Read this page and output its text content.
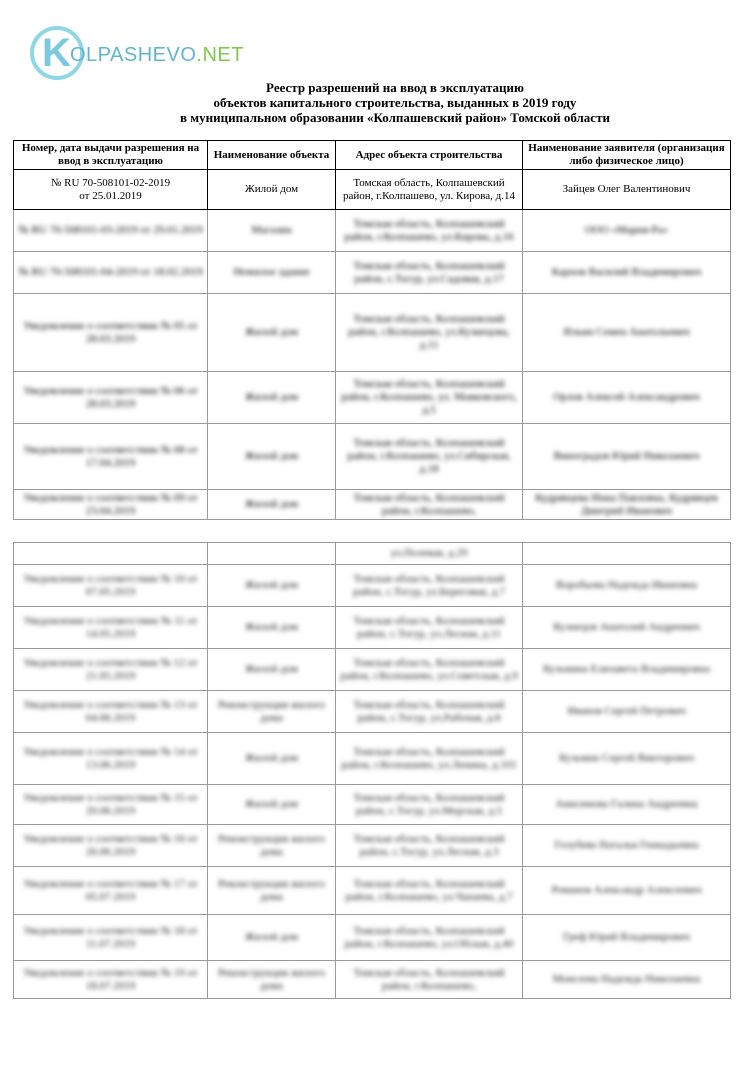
K OLPASHEVO.NET
Реестр разрешений на ввод в эксплуатацию
объектов капитального строительства, выданных в 2019 году
в муниципальном образовании «Колпашевский район» Томской области
Номер, дата выдачи разрешения на ввод в эксплуатацию	Наименование объекта	Адрес объекта строительства	Наименование заявителя (организация либо физическое лицо)

№ RU 70-508101-02-2019
от 25.01.2019	Жилой дом	Томская область, Колпашевский район, г.Колпашево, ул. Кирова, д.14	Зайцев Олег Валентинович
№ RU 70-508101-03-2019 от 29.01.2019	Магазин	Томская область, Колпашевский район, г.Колпашево, ул.Кирова, д.16	ООО «Мария-Ра»
№ RU 70-508101-04-2019 от 18.02.2019	Нежилое здание	Томская область, Колпашевский район, с.Тогур, ул.Садовая, д.17	Карпов Василий Владимирович
Уведомление о соответствии № 05 от 28.03.2019	Жилой дом	Томская область, Колпашевский район, г.Колпашево, ул.Кузнецова, д.11	Ильин Семен Анатольевич
Уведомление о соответствии № 06 от 28.03.2019	Жилой дом	Томская область, Колпашевский район, г.Колпашево, ул. Маяковского, д.5	Орлов Алексей Александрович
Уведомление о соответствии № 08 от 17.04.2019	Жилой дом	Томская область, Колпашевский район, г.Колпашево, ул.Сибирская, д.18	Виноградов Юрий Николаевич
Уведомление о соответствии № 09 от 23.04.2019	Жилой дом	Томская область, Колпашевский район, г.Колпашево,	Кудрявцева Инна Павловна, Кудрявцев Дмитрий Иванович
		ул.Полевая, д.29	
Уведомление о соответствии № 10 от 07.05.2019	Жилой дом	Томская область, Колпашевский район, с.Тогур, ул.Береговая, д.7	Воробьева Надежда Ивановна
Уведомление о соответствии № 11 от 14.05.2019	Жилой дом	Томская область, Колпашевский район, с.Тогур, ул.Лесная, д.11	Кузнецов Анатолий Андреевич
Уведомление о соответствии № 12 от 21.05.2019	Жилой дом	Томская область, Колпашевский район, г.Колпашево, ул.Советская, д.9	Кузьмина Елизавета Владимировна
Уведомление о соответствии № 13 от 04.06.2019	Реконструкция жилого дома	Томская область, Колпашевский район, с.Тогур, ул.Рабочая, д.8	Иванов Сергей Петрович
Уведомление о соответствии № 14 от 13.06.2019	Жилой дом	Томская область, Колпашевский район, г.Колпашево, ул.Ленина, д.101	Кузьмин Сергей Викторович
Уведомление о соответствии № 15 от 20.06.2019	Жилой дом	Томская область, Колпашевский район, с.Тогур, ул.Морская, д.5	Анисимова Галина Андреевна
Уведомление о соответствии № 16 от 26.06.2019	Реконструкция жилого дома	Томская область, Колпашевский район, с.Тогур, ул.Лесная, д.3	Голубева Наталья Геннадьевна
Уведомление о соответствии № 17 от 05.07.2019	Реконструкция жилого дома	Томская область, Колпашевский район, г.Колпашево, ул.Чапаева, д.7	Романов Александр Алексеевич
Уведомление о соответствии № 18 от 11.07.2019	Жилой дом	Томская область, Колпашевский район, г.Колпашево, ул.Обская, д.40	Греф Юрий Владимирович
Уведомление о соответствии № 19 от 18.07.2019	Реконструкция жилого дома	Томская область, Колпашевский район, г.Колпашево,	Моисеева Надежда Николаевна
